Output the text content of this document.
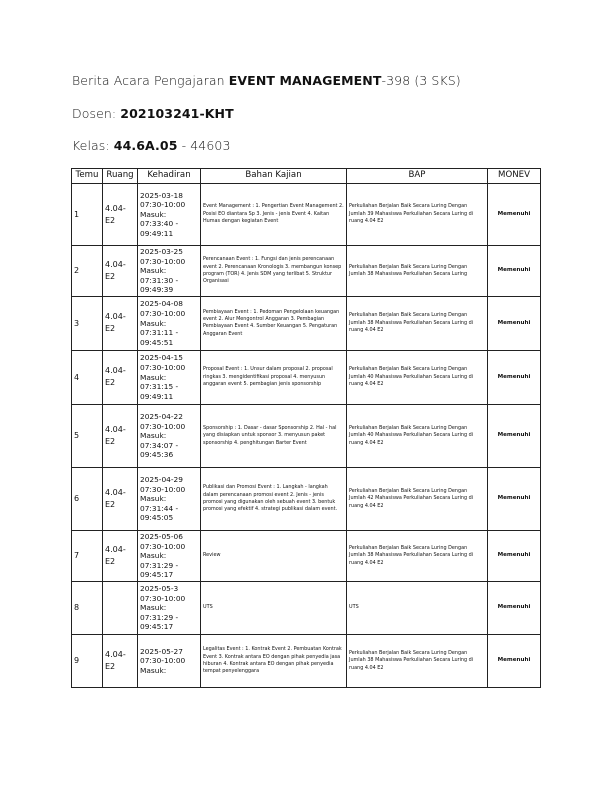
Berita Acara Pengajaran EVENT MANAGEMENT-398 (3 SKS)
Dosen: 202103241-KHT
Kelas: 44.6A.05 - 44603
Temu	Ruang	Kehadiran	Bahan Kajian	BAP	MONEV
1	4.04-E2	2025-03-18 07:30-10:00 Masuk: 07:33:40 - 09:49:11	Event Management : 1. Pengertian Event Management 2. Posisi EO diantara Sp 3. Jenis - jenis Event 4. Kaitan Humas dengan kegiatan Event	Perkuliahan Berjalan Baik Secara Luring Dengan Jumlah 39 Mahasiswa Perkuliahan Secara Luring di ruang 4.04 E2	Memenuhi
2	4.04-E2	2025-03-25 07:30-10:00 Masuk: 07:31:30 - 09:49:39	Perencanaan Event : 1. Fungsi dan jenis perencanaan event 2. Perencanaan Kronologis 3. membangun konsep program (TOR) 4. Jenis SDM yang terlibat 5. Struktur Organisasi	Perkuliahan Berjalan Baik Secara Luring Dengan Jumlah 38 Mahasiswa Perkuliahan Secara Luring	Memenuhi
3	4.04-E2	2025-04-08 07:30-10:00 Masuk: 07:31:11 - 09:45:51	Pembiayaan Event : 1. Pedoman Pengelolaan keuangan event 2. Alur Mengontrol Anggaran 3. Pembagian Pembiayaan Event 4. Sumber Keuangan 5. Pengaturan Anggaran Event	Perkuliahan Berjalan Baik Secara Luring Dengan Jumlah 38 Mahasiswa Perkuliahan Secara Luring di ruang 4.04 E2	Memenuhi
4	4.04-E2	2025-04-15 07:30-10:00 Masuk: 07:31:15 - 09:49:11	Proposal Event : 1. Unsur dalam proposal 2. proposal ringkas 3. mengidentifikasi proposal 4. menyusun anggaran event 5. pembagian jenis sponsorship	Perkuliahan Berjalan Baik Secara Luring Dengan Jumlah 40 Mahasiswa Perkuliahan Secara Luring di ruang 4.04 E2	Memenuhi
5	4.04-E2	2025-04-22 07:30-10:00 Masuk: 07:34:07 - 09:45:36	Sponsorship : 1. Dasar - dasar Sponsorship 2. Hal - hal yang disiapkan untuk sponsor 3. menyusun paket sponsorship 4. penghitungan Barter Event	Perkuliahan Berjalan Baik Secara Luring Dengan Jumlah 40 Mahasiswa Perkuliahan Secara Luring di ruang 4.04 E2	Memenuhi
6	4.04-E2	2025-04-29 07:30-10:00 Masuk: 07:31:44 - 09:45:05	Publikasi dan Promosi Event : 1. Langkah - langkah dalam perencanaan promosi event 2. Jenis - jenis promosi yang digunakan oleh sebuah event 3. bentuk promosi yang efektif 4. strategi publikasi dalam event.	Perkuliahan Berjalan Baik Secara Luring Dengan Jumlah 42 Mahasiswa Perkuliahan Secara Luring di ruang 4.04 E2	Memenuhi
7	4.04-E2	2025-05-06 07:30-10:00 Masuk: 07:31:29 - 09:45:17	Review	Perkuliahan Berjalan Baik Secara Luring Dengan Jumlah 38 Mahasiswa Perkuliahan Secara Luring di ruang 4.04 E2	Memenuhi
8		2025-05-3 07:30-10:00 Masuk: 07:31:29 - 09:45:17	UTS	UTS	Memenuhi
9	4.04-E2	2025-05-27 07:30-10:00 Masuk:	Legalitas Event : 1. Kontrak Event 2. Pembuatan Kontrak Event 3. Kontrak antara EO dengan pihak penyedia jasa hiburan 4. Kontrak antara EO dengan pihak penyedia tempat penyelenggara	Perkuliahan Berjalan Baik Secara Luring Dengan Jumlah 38 Mahasiswa Perkuliahan Secara Luring di ruang 4.04 E2	Memenuhi
